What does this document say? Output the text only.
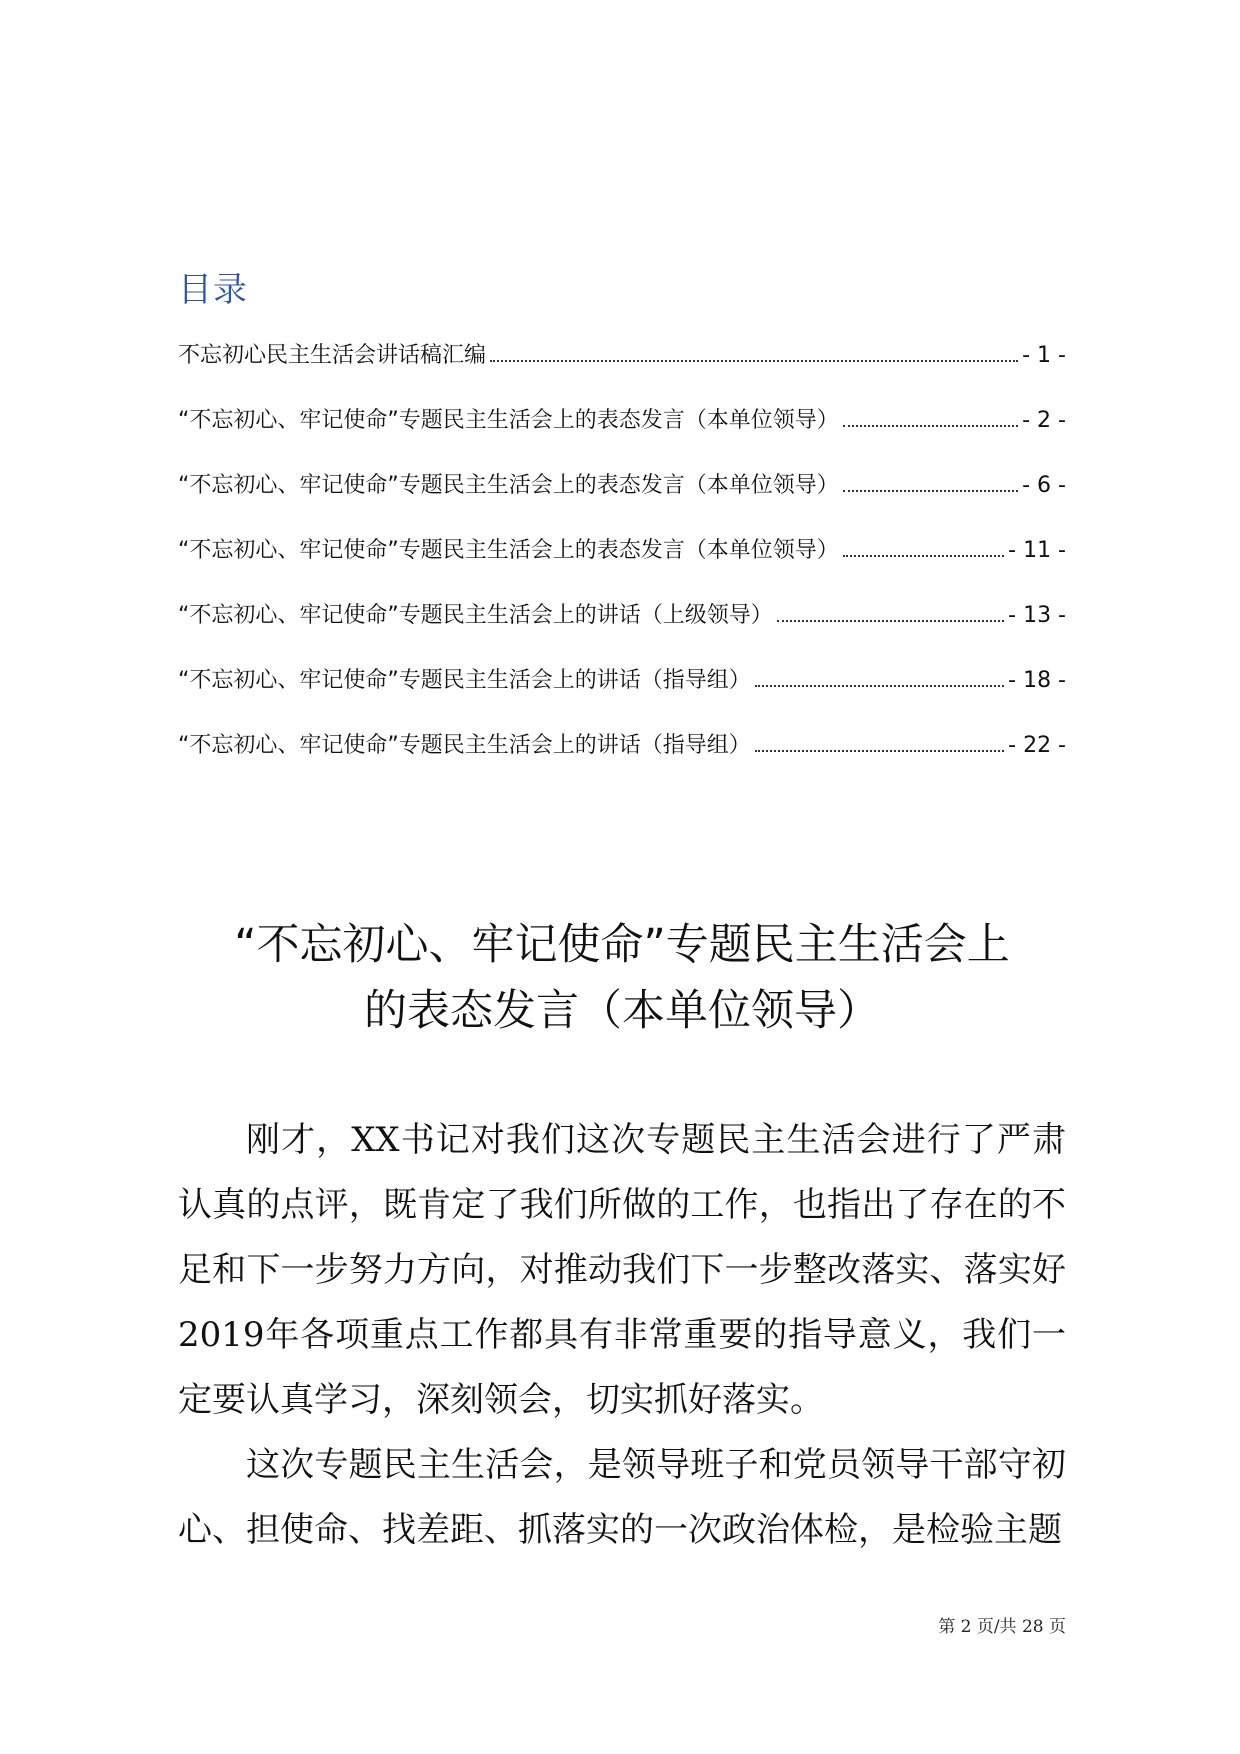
目录
不忘初心民主生活会讲话稿汇编	- 1 -
“不忘初心、牢记使命”专题民主生活会上的表态发言（本单位领导）	- 2 -
“不忘初心、牢记使命”专题民主生活会上的表态发言（本单位领导）	- 6 -
“不忘初心、牢记使命”专题民主生活会上的表态发言（本单位领导）	- 11 -
“不忘初心、牢记使命”专题民主生活会上的讲话（上级领导）	- 13 -
“不忘初心、牢记使命”专题民主生活会上的讲话（指导组）	- 18 -
“不忘初心、牢记使命”专题民主生活会上的讲话（指导组）	- 22 -
“不忘初心、牢记使命”专题民主生活会上
的表态发言（本单位领导）

刚才，XX书记对我们这次专题民主生活会进行了严肃认真的点评，既肯定了我们所做的工作，也指出了存在的不足和下一步努力方向，对推动我们下一步整改落实、落实好2019年各项重点工作都具有非常重要的指导意义，我们一定要认真学习，深刻领会，切实抓好落实。

这次专题民主生活会，是领导班子和党员领导干部守初心、担使命、找差距、抓落实的一次政治体检，是检验主题

第 2 页/共 28 页
